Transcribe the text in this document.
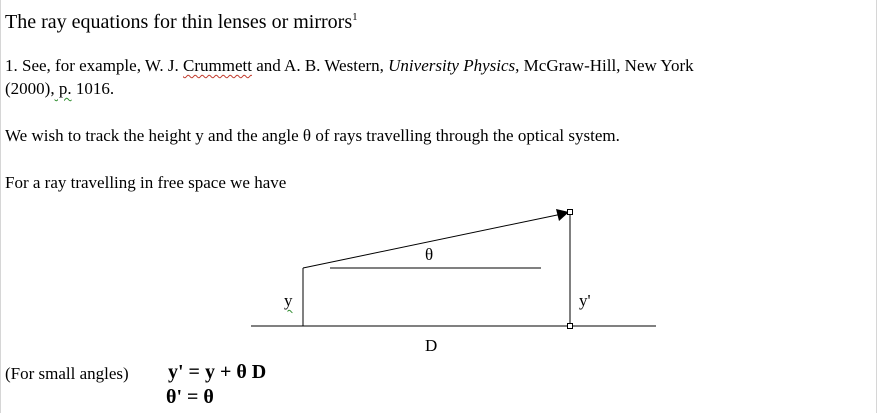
The ray equations for thin lenses or mirrors$^1$
1. See, for example, W. J. Crummett and A. B. Western, University Physics, McGraw-Hill, New York
(2000), p. 1016.
We wish to track the height y and the angle θ of rays travelling through the optical system.
For a ray travelling in free space we have
θ
y	y'
D
(For small angles) y' = y + θ D
θ' = θ
